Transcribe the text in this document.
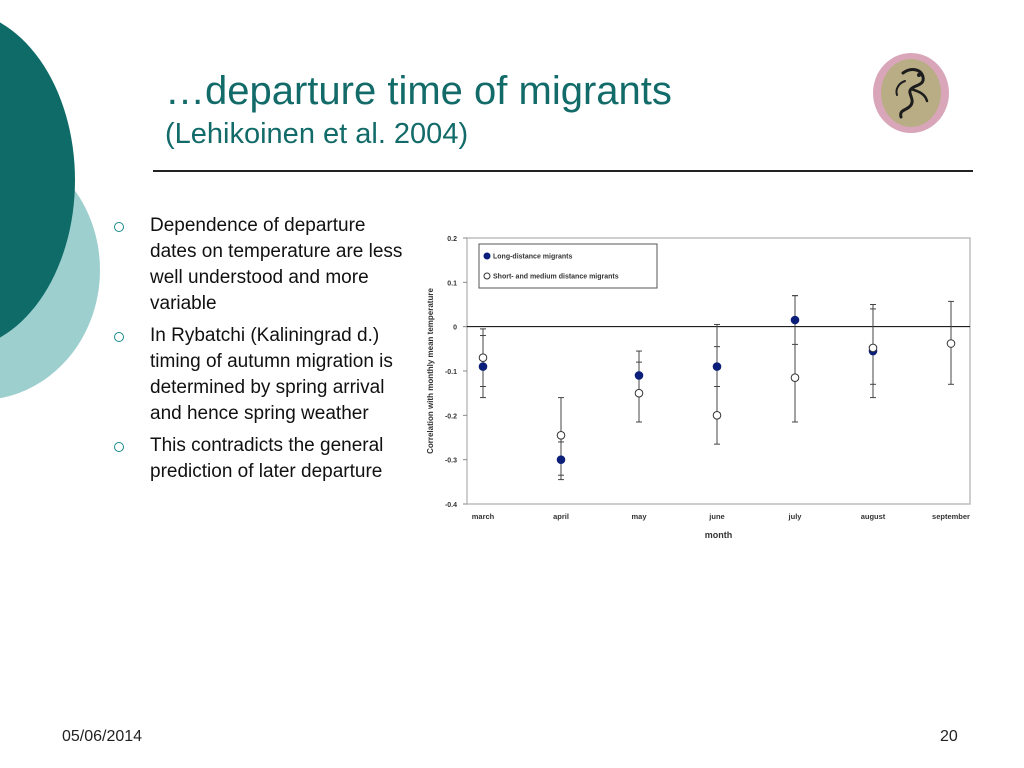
…departure time of migrants
(Lehikoinen et al. 2004)
Dependence of departure dates on temperature are less well understood and more variable
In Rybatchi (Kaliningrad d.) timing of autumn migration is determined by spring arrival and hence spring weather
This contradicts the general prediction of later departure
0.2
0.1
0
-0.1
-0.2
-0.3
-0.4
march	april	may	june	july	august	september
month
Correlation with monthly mean temperature
Long-distance migrants
Short- and medium distance migrants
05/06/2014	20
